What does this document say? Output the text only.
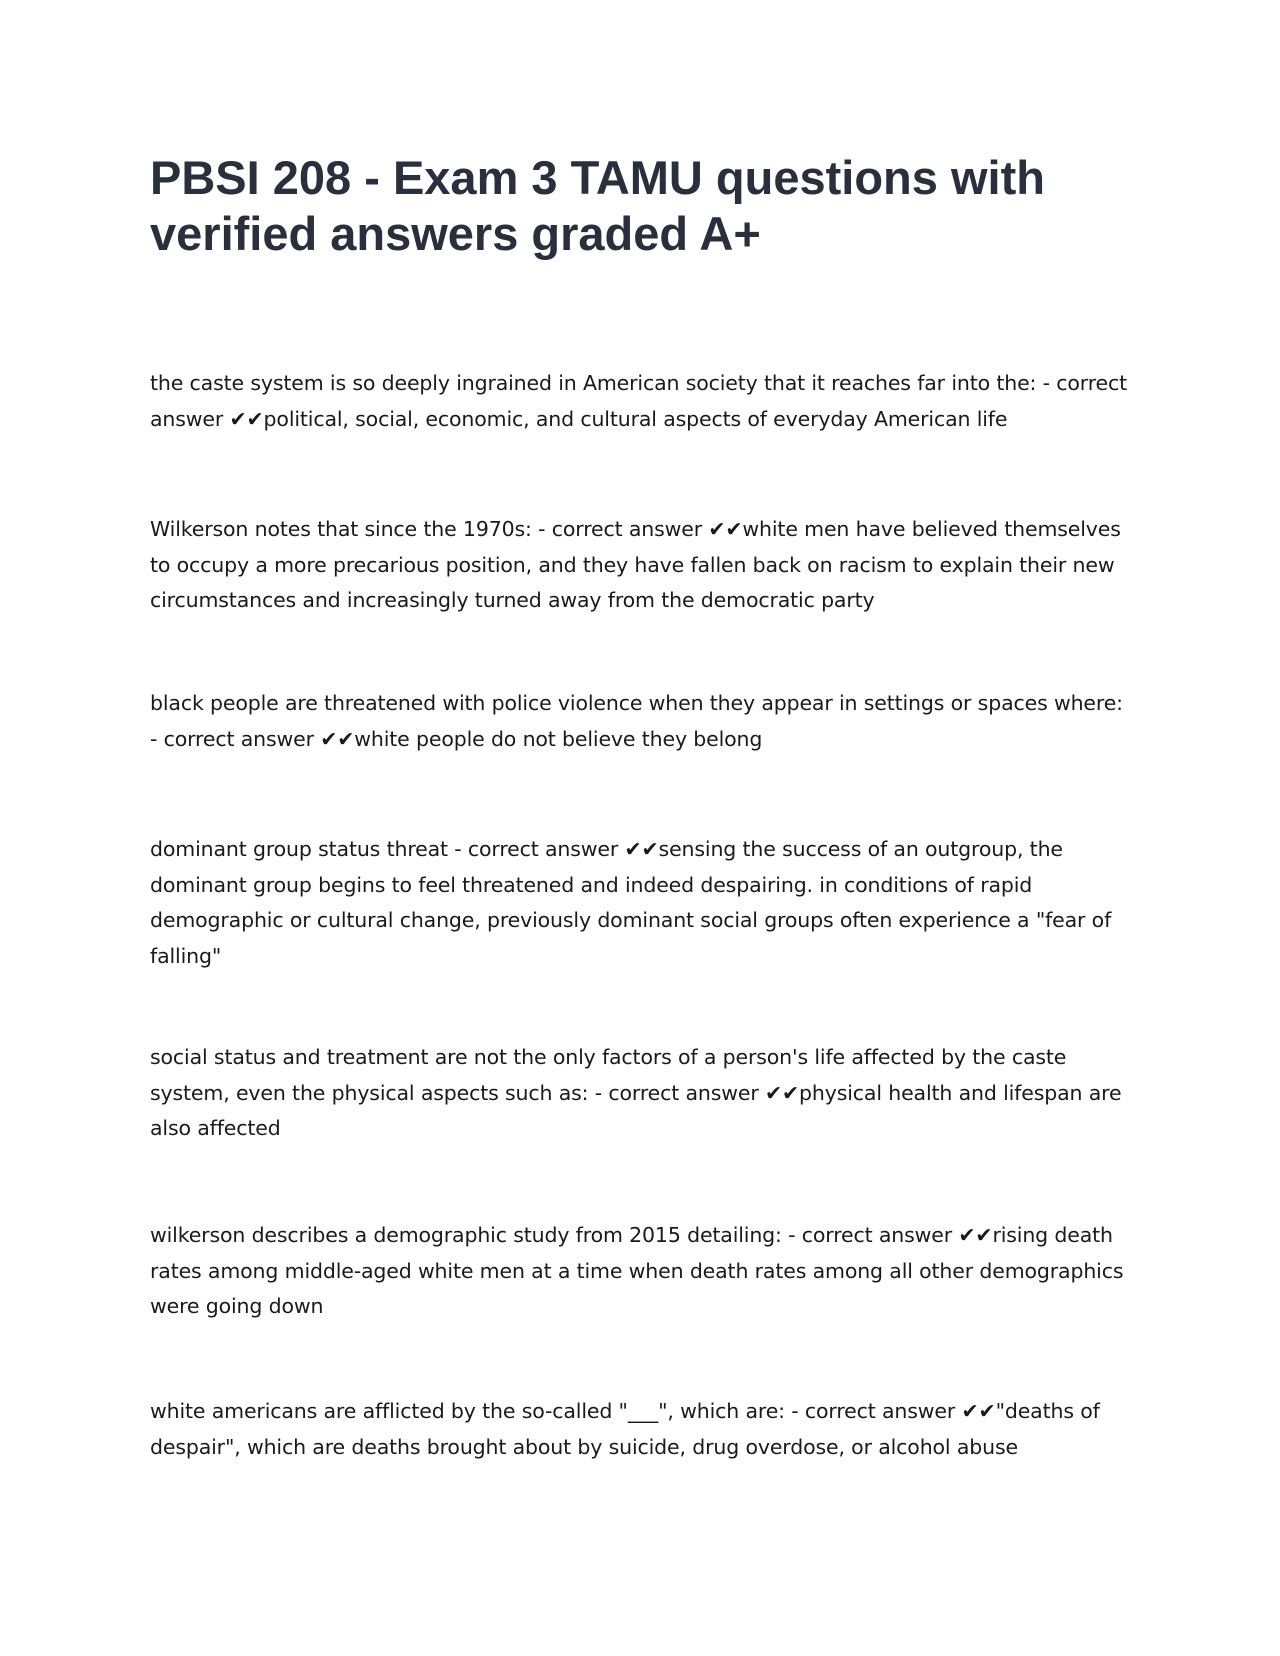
PBSI 208 - Exam 3 TAMU questions with verified answers graded A+

the caste system is so deeply ingrained in American society that it reaches far into the: - correct answer ✔✔political, social, economic, and cultural aspects of everyday American life

Wilkerson notes that since the 1970s: - correct answer ✔✔white men have believed themselves to occupy a more precarious position, and they have fallen back on racism to explain their new circumstances and increasingly turned away from the democratic party

black people are threatened with police violence when they appear in settings or spaces where: - correct answer ✔✔white people do not believe they belong

dominant group status threat - correct answer ✔✔sensing the success of an outgroup, the dominant group begins to feel threatened and indeed despairing. in conditions of rapid demographic or cultural change, previously dominant social groups often experience a "fear of falling"

social status and treatment are not the only factors of a person's life affected by the caste system, even the physical aspects such as: - correct answer ✔✔physical health and lifespan are also affected

wilkerson describes a demographic study from 2015 detailing: - correct answer ✔✔rising death rates among middle-aged white men at a time when death rates among all other demographics were going down

white americans are afflicted by the so-called "___", which are: - correct answer ✔✔"deaths of despair", which are deaths brought about by suicide, drug overdose, or alcohol abuse
